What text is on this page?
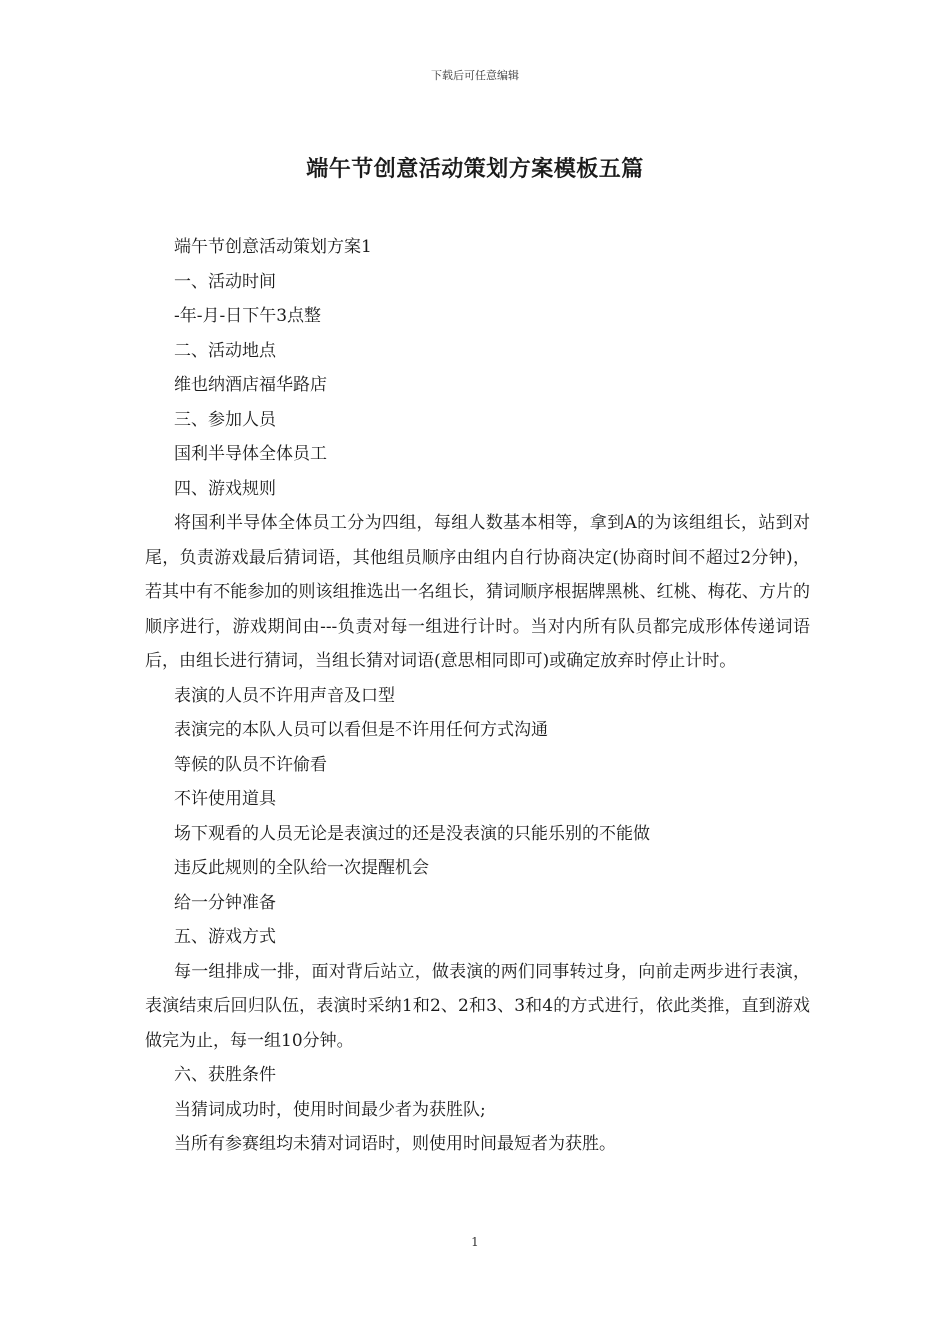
下载后可任意编辑
端午节创意活动策划方案模板五篇

端午节创意活动策划方案1

一、活动时间

-年-月-日下午3点整

二、活动地点

维也纳酒店福华路店

三、参加人员

国利半导体全体员工

四、游戏规则

将国利半导体全体员工分为四组，每组人数基本相等，拿到A的为该组组长，站到对尾，负责游戏最后猜词语，其他组员顺序由组内自行协商决定(协商时间不超过2分钟)，若其中有不能参加的则该组推选出一名组长，猜词顺序根据牌黑桃、红桃、梅花、方片的顺序进行，游戏期间由---负责对每一组进行计时。当对内所有队员都完成形体传递词语后，由组长进行猜词，当组长猜对词语(意思相同即可)或确定放弃时停止计时。

表演的人员不许用声音及口型

表演完的本队人员可以看但是不许用任何方式沟通

等候的队员不许偷看

不许使用道具

场下观看的人员无论是表演过的还是没表演的只能乐别的不能做

违反此规则的全队给一次提醒机会

给一分钟准备

五、游戏方式

每一组排成一排，面对背后站立，做表演的两们同事转过身，向前走两步进行表演，表演结束后回归队伍，表演时采纳1和2、2和3、3和4的方式进行，依此类推，直到游戏做完为止，每一组10分钟。

六、获胜条件

当猜词成功时，使用时间最少者为获胜队;

当所有参赛组均未猜对词语时，则使用时间最短者为获胜。

1
